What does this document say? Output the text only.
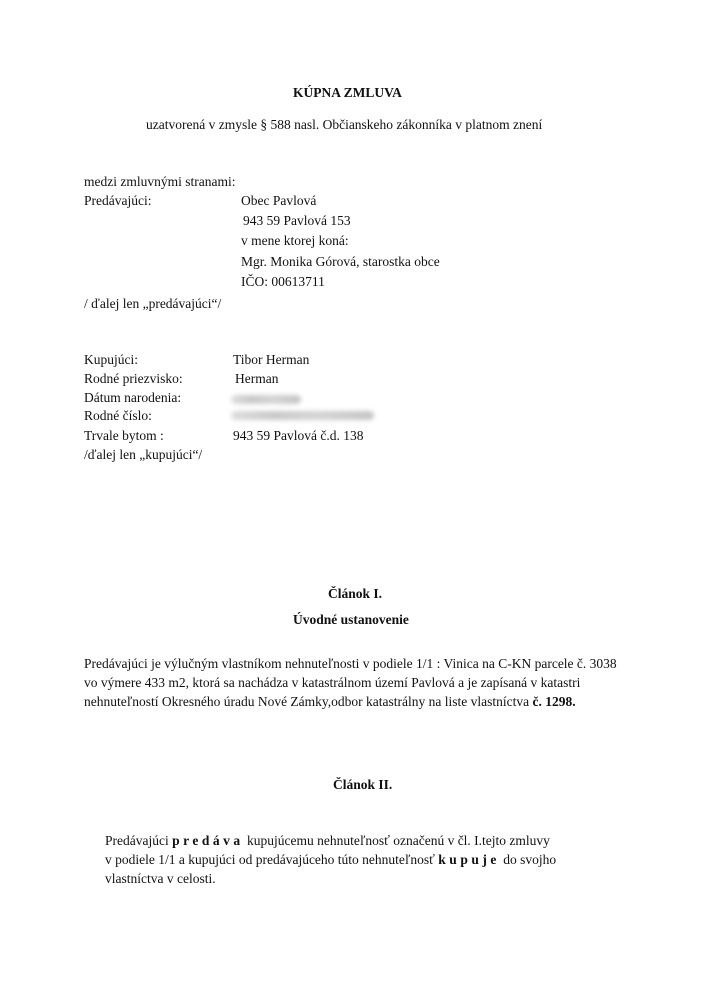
KÚPNA ZMLUVA
uzatvorená v zmysle § 588 nasl. Občianskeho zákonníka v platnom znení
medzi zmluvnými stranami:
Predávajúci:	Obec Pavlová
943 59 Pavlová 153
v mene ktorej koná:
Mgr. Monika Górová, starostka obce
IČO: 00613711
/ ďalej len „predávajúci“/
Kupujúci:	Tibor Herman
Rodné priezvisko:	Herman
Dátum narodenia:
Rodné číslo:
Trvale bytom :	943 59 Pavlová č.d. 138
/ďalej len „kupujúci“/
Článok I.
Úvodné ustanovenie
Predávajúci je výlučným vlastníkom nehnuteľnosti v podiele 1/1 : Vinica na C-KN parcele č. 3038
vo výmere 433 m2, ktorá sa nachádza v katastrálnom území Pavlová a je zapísaná v katastri
nehnuteľností Okresného úradu Nové Zámky,odbor katastrálny na liste vlastníctva č. 1298.
Článok II.
Predávajúci predáva kupujúcemu nehnuteľnosť označenú v čl. I.tejto zmluvy
v podiele 1/1 a kupujúci od predávajúceho túto nehnuteľnosť kupuje do svojho
vlastníctva v celosti.
